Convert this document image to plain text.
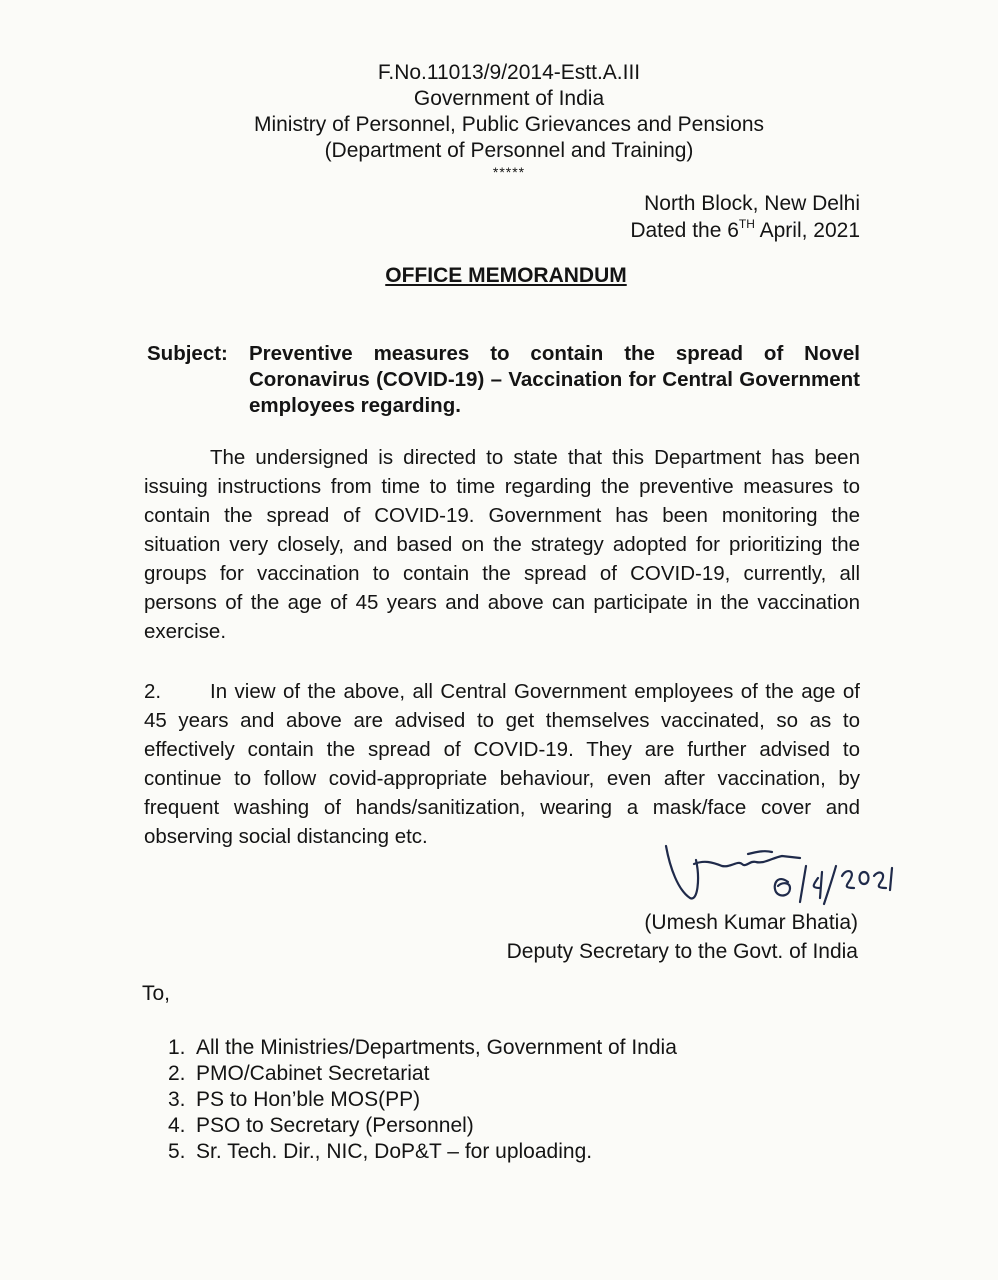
F.No.11013/9/2014-Estt.A.III
Government of India
Ministry of Personnel, Public Grievances and Pensions
(Department of Personnel and Training)
*****
North Block, New Delhi
Dated the 6TH April, 2021
OFFICE MEMORANDUM
Subject: Preventive measures to contain the spread of Novel Coronavirus (COVID-19) – Vaccination for Central Government employees regarding.
The undersigned is directed to state that this Department has been issuing instructions from time to time regarding the preventive measures to contain the spread of COVID-19. Government has been monitoring the situation very closely, and based on the strategy adopted for prioritizing the groups for vaccination to contain the spread of COVID-19, currently, all persons of the age of 45 years and above can participate in the vaccination exercise.
2. In view of the above, all Central Government employees of the age of 45 years and above are advised to get themselves vaccinated, so as to effectively contain the spread of COVID-19. They are further advised to continue to follow covid-appropriate behaviour, even after vaccination, by frequent washing of hands/sanitization, wearing a mask/face cover and observing social distancing etc.
(Umesh Kumar Bhatia)
Deputy Secretary to the Govt. of India
To,
1. All the Ministries/Departments, Government of India
2. PMO/Cabinet Secretariat
3. PS to Hon’ble MOS(PP)
4. PSO to Secretary (Personnel)
5. Sr. Tech. Dir., NIC, DoP&T – for uploading.
